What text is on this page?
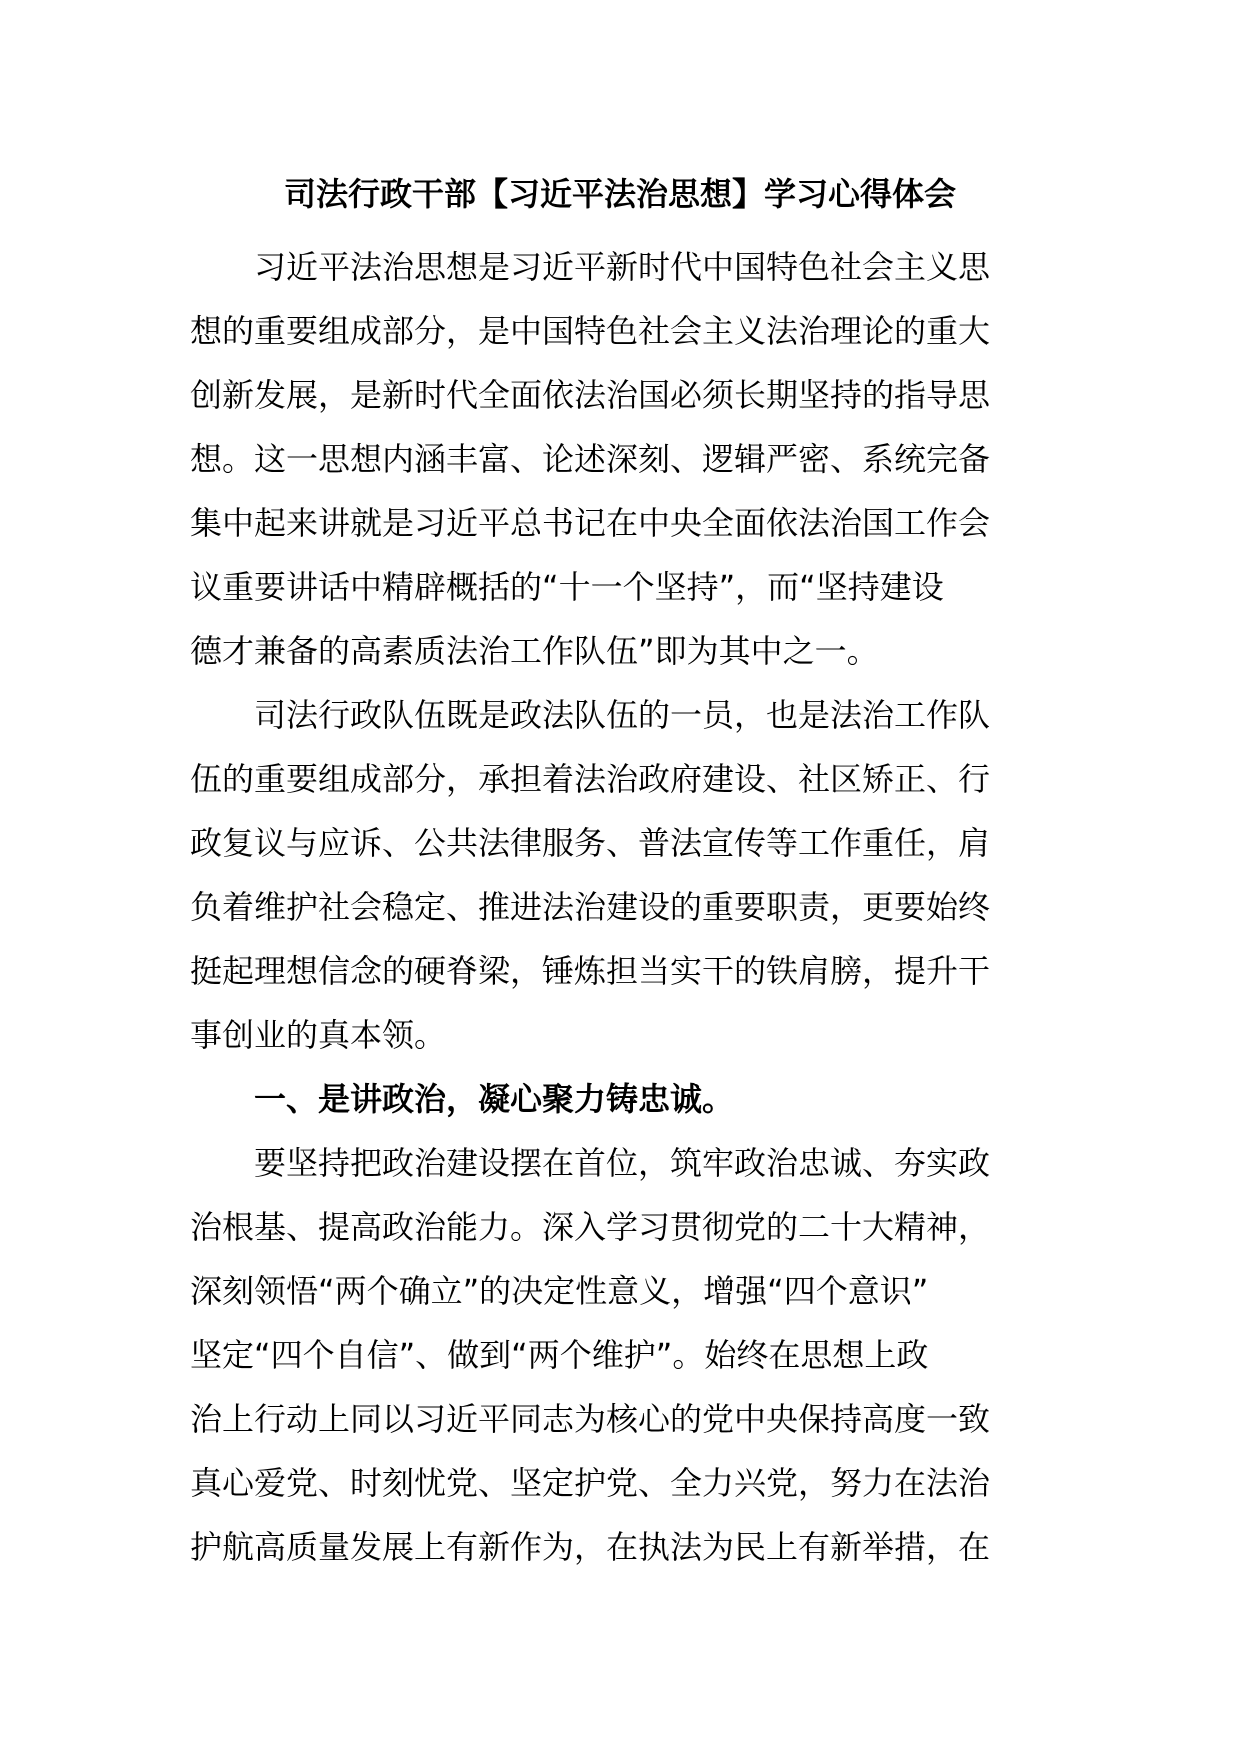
司法行政干部【习近平法治思想】学习心得体会
习近平法治思想是习近平新时代中国特色社会主义思
想的重要组成部分，是中国特色社会主义法治理论的重大
创新发展，是新时代全面依法治国必须长期坚持的指导思
想。这一思想内涵丰富、论述深刻、逻辑严密、系统完备
集中起来讲就是习近平总书记在中央全面依法治国工作会
议重要讲话中精辟概括的“十一个坚持”，而“坚持建设
德才兼备的高素质法治工作队伍”即为其中之一。
司法行政队伍既是政法队伍的一员，也是法治工作队
伍的重要组成部分，承担着法治政府建设、社区矫正、行
政复议与应诉、公共法律服务、普法宣传等工作重任，肩
负着维护社会稳定、推进法治建设的重要职责，更要始终
挺起理想信念的硬脊梁，锤炼担当实干的铁肩膀，提升干
事创业的真本领。
一、是讲政治，凝心聚力铸忠诚。
要坚持把政治建设摆在首位，筑牢政治忠诚、夯实政
治根基、提高政治能力。深入学习贯彻党的二十大精神，
深刻领悟“两个确立”的决定性意义，增强“四个意识”
坚定“四个自信”、做到“两个维护”。始终在思想上政
治上行动上同以习近平同志为核心的党中央保持高度一致
真心爱党、时刻忧党、坚定护党、全力兴党，努力在法治
护航高质量发展上有新作为，在执法为民上有新举措，在
